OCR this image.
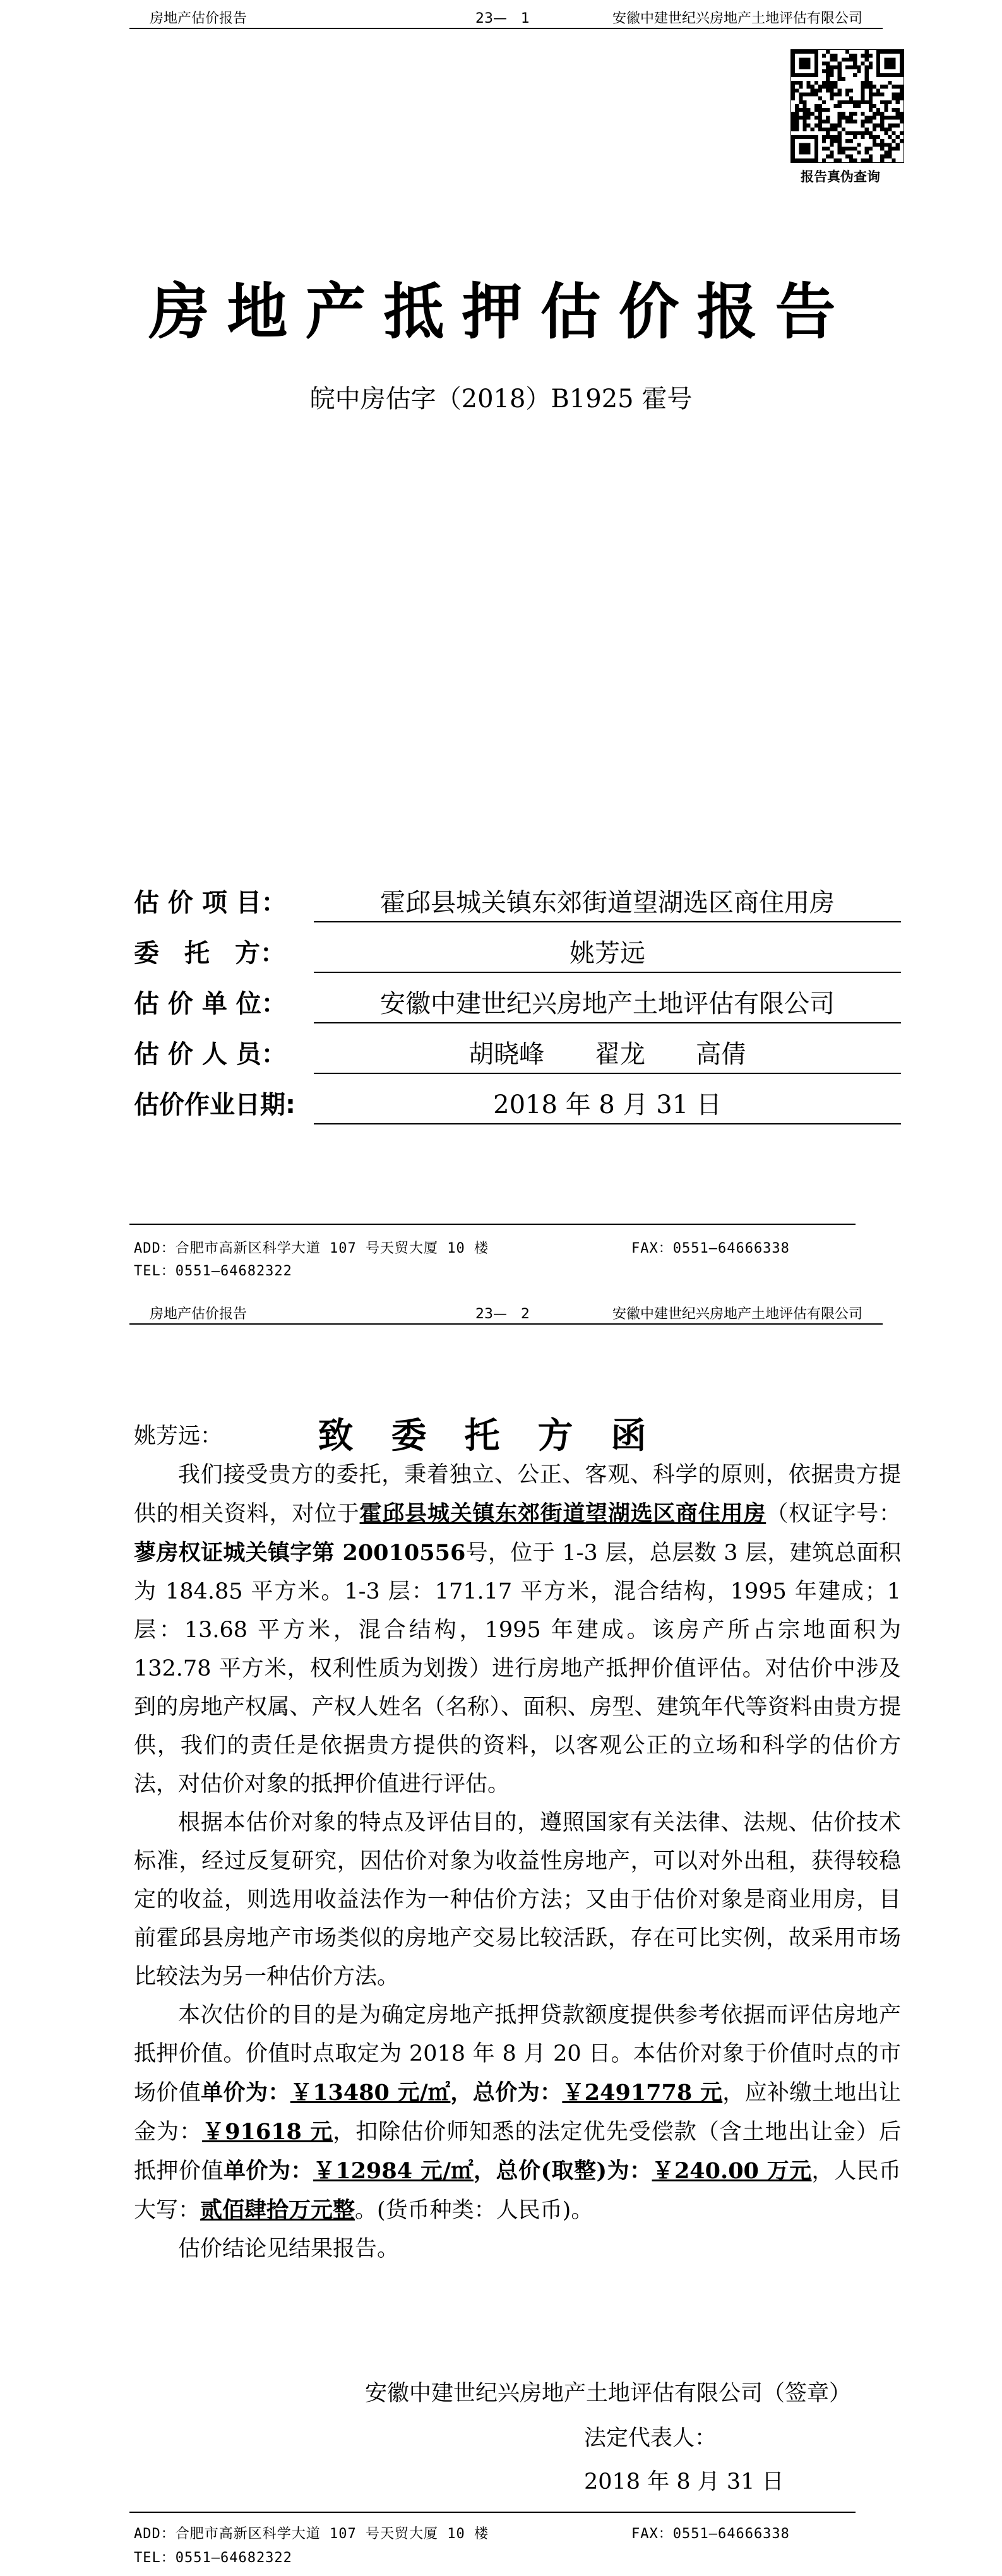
房地产估价报告	23—　1	安徽中建世纪兴房地产土地评估有限公司
报告真伪查询
房地产抵押估价报告
皖中房估字（2018）B1925 霍号
估 价 项 目：	霍邱县城关镇东郊街道望湖选区商住用房
委　托　方：	姚芳远
估 价 单 位：	安徽中建世纪兴房地产土地评估有限公司
估 价 人 员：	胡晓峰　　翟龙　　高倩
估价作业日期:	2018 年 8 月 31 日
ADD：合肥市高新区科学大道 107 号天贸大厦 10 楼	FAX：0551—64666338
TEL：0551—64682322
房地产估价报告	23—　2	安徽中建世纪兴房地产土地评估有限公司
致委托方函

姚芳远：

我们接受贵方的委托，秉着独立、公正、客观、科学的原则，依据贵方提供的相关资料，对位于霍邱县城关镇东郊街道望湖选区商住用房（权证字号：蓼房权证城关镇字第 20010556号，位于 1-3 层，总层数 3 层，建筑总面积为 184.85 平方米。1-3 层：171.17 平方米，混合结构，1995 年建成；1 层：13.68 平方米，混合结构，1995 年建成。该房产所占宗地面积为 132.78 平方米，权利性质为划拨）进行房地产抵押价值评估。对估价中涉及到的房地产权属、产权人姓名（名称）、面积、房型、建筑年代等资料由贵方提供，我们的责任是依据贵方提供的资料，以客观公正的立场和科学的估价方法，对估价对象的抵押价值进行评估。

根据本估价对象的特点及评估目的，遵照国家有关法律、法规、估价技术标准，经过反复研究，因估价对象为收益性房地产，可以对外出租，获得较稳定的收益，则选用收益法作为一种估价方法；又由于估价对象是商业用房，目前霍邱县房地产市场类似的房地产交易比较活跃，存在可比实例，故采用市场比较法为另一种估价方法。

本次估价的目的是为确定房地产抵押贷款额度提供参考依据而评估房地产抵押价值。价值时点取定为 2018 年 8 月 20 日。本估价对象于价值时点的市场价值单价为：￥13480 元/㎡，总价为：￥2491778 元，应补缴土地出让金为：￥91618 元，扣除估价师知悉的法定优先受偿款（含土地出让金）后抵押价值单价为：￥12984 元/㎡，总价(取整)为：￥240.00 万元，人民币大写：贰佰肆拾万元整。(货币种类：人民币)。

估价结论见结果报告。

安徽中建世纪兴房地产土地评估有限公司（签章）
法定代表人：
2018 年 8 月 31 日
ADD：合肥市高新区科学大道 107 号天贸大厦 10 楼	FAX：0551—64666338
TEL：0551—64682322
